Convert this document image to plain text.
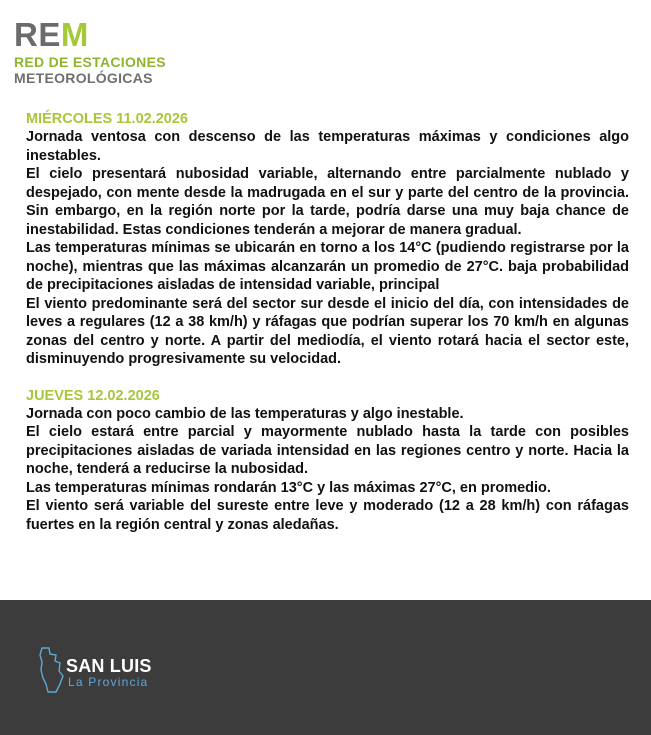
REM
RED DE ESTACIONES
METEOROLÓGICAS
MIÉRCOLES 11.02.2026

Jornada ventosa con descenso de las temperaturas máximas y condiciones algo inestables.

El cielo presentará nubosidad variable, alternando entre parcialmente nublado y despejado, con mente desde la madrugada en el sur y parte del centro de la provincia. Sin embargo, en la región norte por la tarde, podría darse una muy baja chance de inestabilidad. Estas condiciones tenderán a mejorar de manera gradual.

Las temperaturas mínimas se ubicarán en torno a los 14°C (pudiendo registrarse por la noche), mientras que las máximas alcanzarán un promedio de 27°C. baja probabilidad de precipitaciones aisladas de intensidad variable, principal

El viento predominante será del sector sur desde el inicio del día, con intensidades de leves a regulares (12 a 38 km/h) y ráfagas que podrían superar los 70 km/h en algunas zonas del centro y norte. A partir del mediodía, el viento rotará hacia el sector este, disminuyendo progresivamente su velocidad.

JUEVES 12.02.2026

Jornada con poco cambio de las temperaturas y algo inestable.

El cielo estará entre parcial y mayormente nublado hasta la tarde con posibles precipitaciones aisladas de variada intensidad en las regiones centro y norte. Hacia la noche, tenderá a reducirse la nubosidad.

Las temperaturas mínimas rondarán 13°C y las máximas 27°C, en promedio.

El viento será variable del sureste entre leve y moderado (12 a 28 km/h) con ráfagas fuertes en la región central y zonas aledañas.

SAN LUIS
La Provincia
